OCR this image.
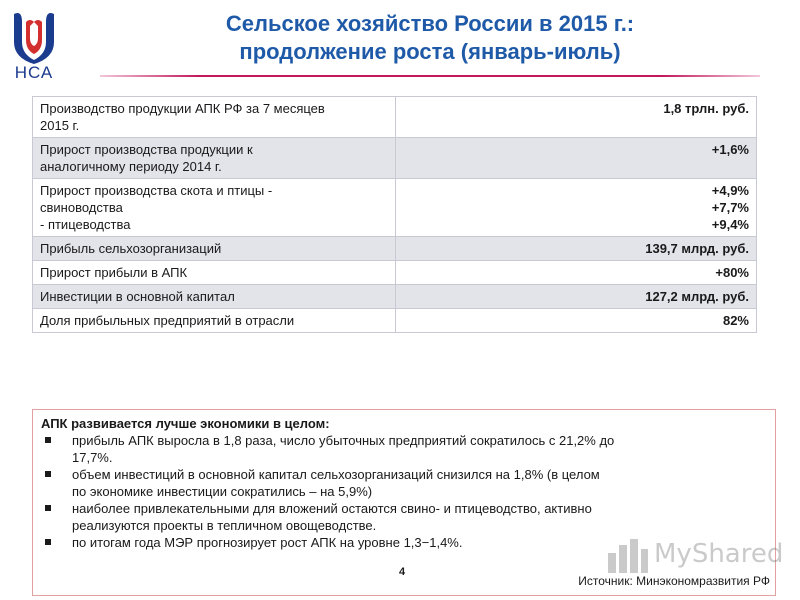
НСА
Сельское хозяйство России в 2015 г.:
продолжение роста (январь-июль)
Производство продукции АПК РФ за 7 месяцев
2015 г.	1,8 трлн. руб.

Прирост производства продукции к
аналогичному периоду 2014 г.	+1,6%

Прирост производства скота и птицы -
свиноводства
- птицеводства	+4,9%
+7,7%
+9,4%

Прибыль сельхозорганизаций	139,7 млрд. руб.

Прирост прибыли в АПК	+80%

Инвестиции в основной капитал	127,2 млрд. руб.

Доля прибыльных предприятий в отрасли	82%
АПК развивается лучше экономики в целом:
прибыль АПК выросла в 1,8 раза, число убыточных предприятий сократилось с 21,2% до
17,7%.
объем инвестиций в основной капитал сельхозорганизаций снизился на 1,8% (в целом
по экономике инвестиции сократились – на 5,9%)
наиболее привлекательными для вложений остаются свино- и птицеводство, активно
реализуются проекты в тепличном овощеводстве.
по итогам года МЭР прогнозирует рост АПК на уровне 1,3−1,4%.	MyShared
4
Источник: Минэкономразвития РФ
